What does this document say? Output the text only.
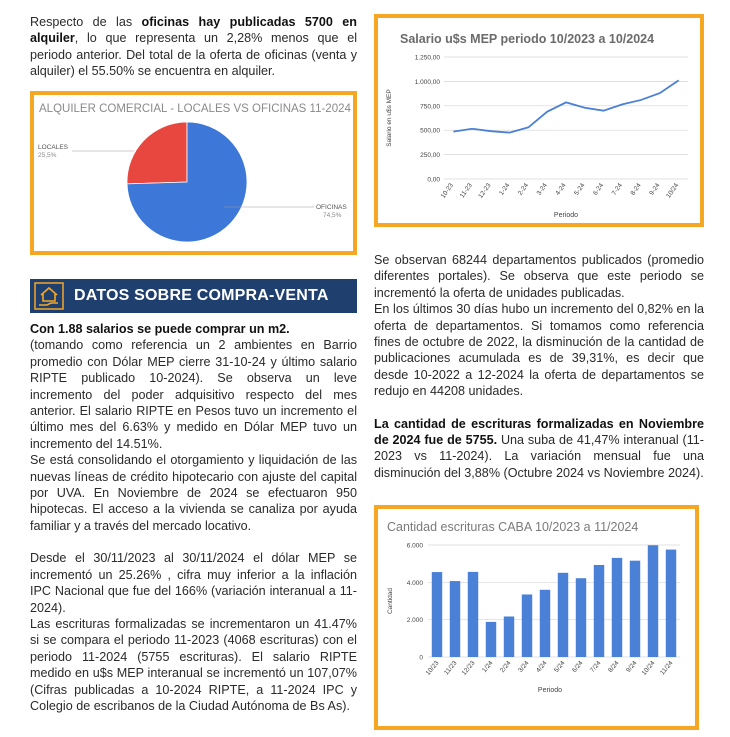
Respecto de las oficinas hay publicadas 5700 en alquiler, lo que representa un 2,28% menos que el periodo anterior. Del total de la oferta de oficinas (venta y alquiler) el 55.50% se encuentra en alquiler.

ALQUILER COMERCIAL - LOCALES VS OFICINAS 11-2024
LOCALES
25,5%
OFICINAS
74,5%
DATOS SOBRE COMPRA-VENTA

Con 1.88 salarios se puede comprar un m2.

(tomando como referencia un 2 ambientes en Barrio promedio con Dólar MEP cierre 31-10-24 y último salario RIPTE publicado 10-2024). Se observa un leve incremento del poder adquisitivo respecto del mes anterior. El salario RIPTE en Pesos tuvo un incremento el último mes del 6.63% y medido en Dólar MEP tuvo un incremento del 14.51%.

Se está consolidando el otorgamiento y liquidación de las nuevas líneas de crédito hipotecario con ajuste del capital por UVA. En Noviembre de 2024 se efectuaron 950 hipotecas. El acceso a la vivienda se canaliza por ayuda familiar y a través del mercado locativo.

Desde el 30/11/2023 al 30/11/2024 el dólar MEP se incrementó un 25.26% , cifra muy inferior a la inflación IPC Nacional que fue del 166% (variación interanual a 11-2024).

Las escrituras formalizadas se incrementaron un 41.47% si se compara el periodo 11-2023 (4068 escrituras) con el periodo 11-2024 (5755 escrituras). El salario RIPTE medido en u$s MEP interanual se incrementó un 107,07% (Cifras publicadas a 10-2024 RIPTE, a 11-2024 IPC y Colegio de escribanos de la Ciudad Autónoma de Bs As).

Salario u$s MEP periodo 10/2023 a 10/2024
0,00
250,00
500,00
750,00
1.000,00
1.250,00
10-23 11-23 12-23 1-24 2-24 3-24 4-24 5-24 6-24 7-24 8-24 9-24 10/24
Periodo
Salario en u$s MEP

Se observan 68244 departamentos publicados (promedio diferentes portales). Se observa que este periodo se incrementó la oferta de unidades publicadas.

En los últimos 30 días hubo un incremento del 0,82% en la oferta de departamentos. Si tomamos como referencia fines de octubre de 2022, la disminución de la cantidad de publicaciones acumulada es de 39,31%, es decir que desde 10-2022 a 12-2024 la oferta de departamentos se redujo en 44208 unidades.

La cantidad de escrituras formalizadas en Noviembre de 2024 fue de 5755. Una suba de 41,47% interanual (11-2023 vs 11-2024). La variación mensual fue una disminución del 3,88% (Octubre 2024 vs Noviembre 2024).

Cantidad escrituras CABA 10/2023 a 11/2024
0
2.000
4.000
6.000
10/23 11/23 12/23 1/24 2/24 3/24 4/24 5/24 6/24 7/24 8/24 9/24 10/24 11/24
Periodo
Cantidad
